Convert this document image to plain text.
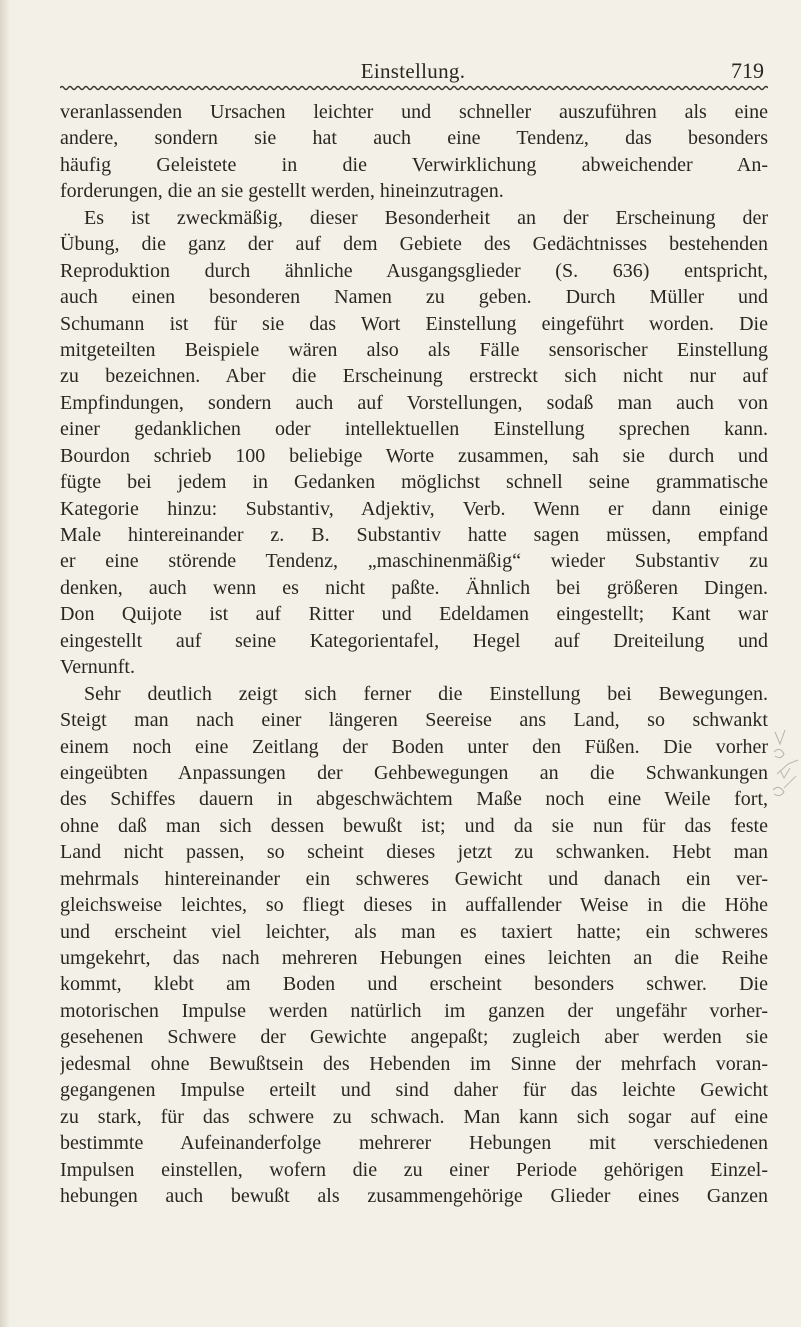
Einstellung.	719
veranlassenden Ursachen leichter und schneller auszuführen als eine
andere, sondern sie hat auch eine Tendenz, das besonders
häufig Geleistete in die Verwirklichung abweichender An-
forderungen, die an sie gestellt werden, hineinzutragen.
Es ist zweckmäßig, dieser Besonderheit an der Erscheinung der
Übung, die ganz der auf dem Gebiete des Gedächtnisses bestehenden
Reproduktion durch ähnliche Ausgangsglieder (S. 636) entspricht,
auch einen besonderen Namen zu geben. Durch Müller und
Schumann ist für sie das Wort Einstellung eingeführt worden. Die
mitgeteilten Beispiele wären also als Fälle sensorischer Einstellung
zu bezeichnen. Aber die Erscheinung erstreckt sich nicht nur auf
Empfindungen, sondern auch auf Vorstellungen, sodaß man auch von
einer gedanklichen oder intellektuellen Einstellung sprechen kann.
Bourdon schrieb 100 beliebige Worte zusammen, sah sie durch und
fügte bei jedem in Gedanken möglichst schnell seine grammatische
Kategorie hinzu: Substantiv, Adjektiv, Verb. Wenn er dann einige
Male hintereinander z. B. Substantiv hatte sagen müssen, empfand
er eine störende Tendenz, „maschinenmäßig“ wieder Substantiv zu
denken, auch wenn es nicht paßte. Ähnlich bei größeren Dingen.
Don Quijote ist auf Ritter und Edeldamen eingestellt; Kant war
eingestellt auf seine Kategorientafel, Hegel auf Dreiteilung und
Vernunft.
Sehr deutlich zeigt sich ferner die Einstellung bei Bewegungen.
Steigt man nach einer längeren Seereise ans Land, so schwankt
einem noch eine Zeitlang der Boden unter den Füßen. Die vorher
eingeübten Anpassungen der Gehbewegungen an die Schwankungen
des Schiffes dauern in abgeschwächtem Maße noch eine Weile fort,
ohne daß man sich dessen bewußt ist; und da sie nun für das feste
Land nicht passen, so scheint dieses jetzt zu schwanken. Hebt man
mehrmals hintereinander ein schweres Gewicht und danach ein ver-
gleichsweise leichtes, so fliegt dieses in auffallender Weise in die Höhe
und erscheint viel leichter, als man es taxiert hatte; ein schweres
umgekehrt, das nach mehreren Hebungen eines leichten an die Reihe
kommt, klebt am Boden und erscheint besonders schwer. Die
motorischen Impulse werden natürlich im ganzen der ungefähr vorher-
gesehenen Schwere der Gewichte angepaßt; zugleich aber werden sie
jedesmal ohne Bewußtsein des Hebenden im Sinne der mehrfach voran-
gegangenen Impulse erteilt und sind daher für das leichte Gewicht
zu stark, für das schwere zu schwach. Man kann sich sogar auf eine
bestimmte Aufeinanderfolge mehrerer Hebungen mit verschiedenen
Impulsen einstellen, wofern die zu einer Periode gehörigen Einzel-
hebungen auch bewußt als zusammengehörige Glieder eines Ganzen
